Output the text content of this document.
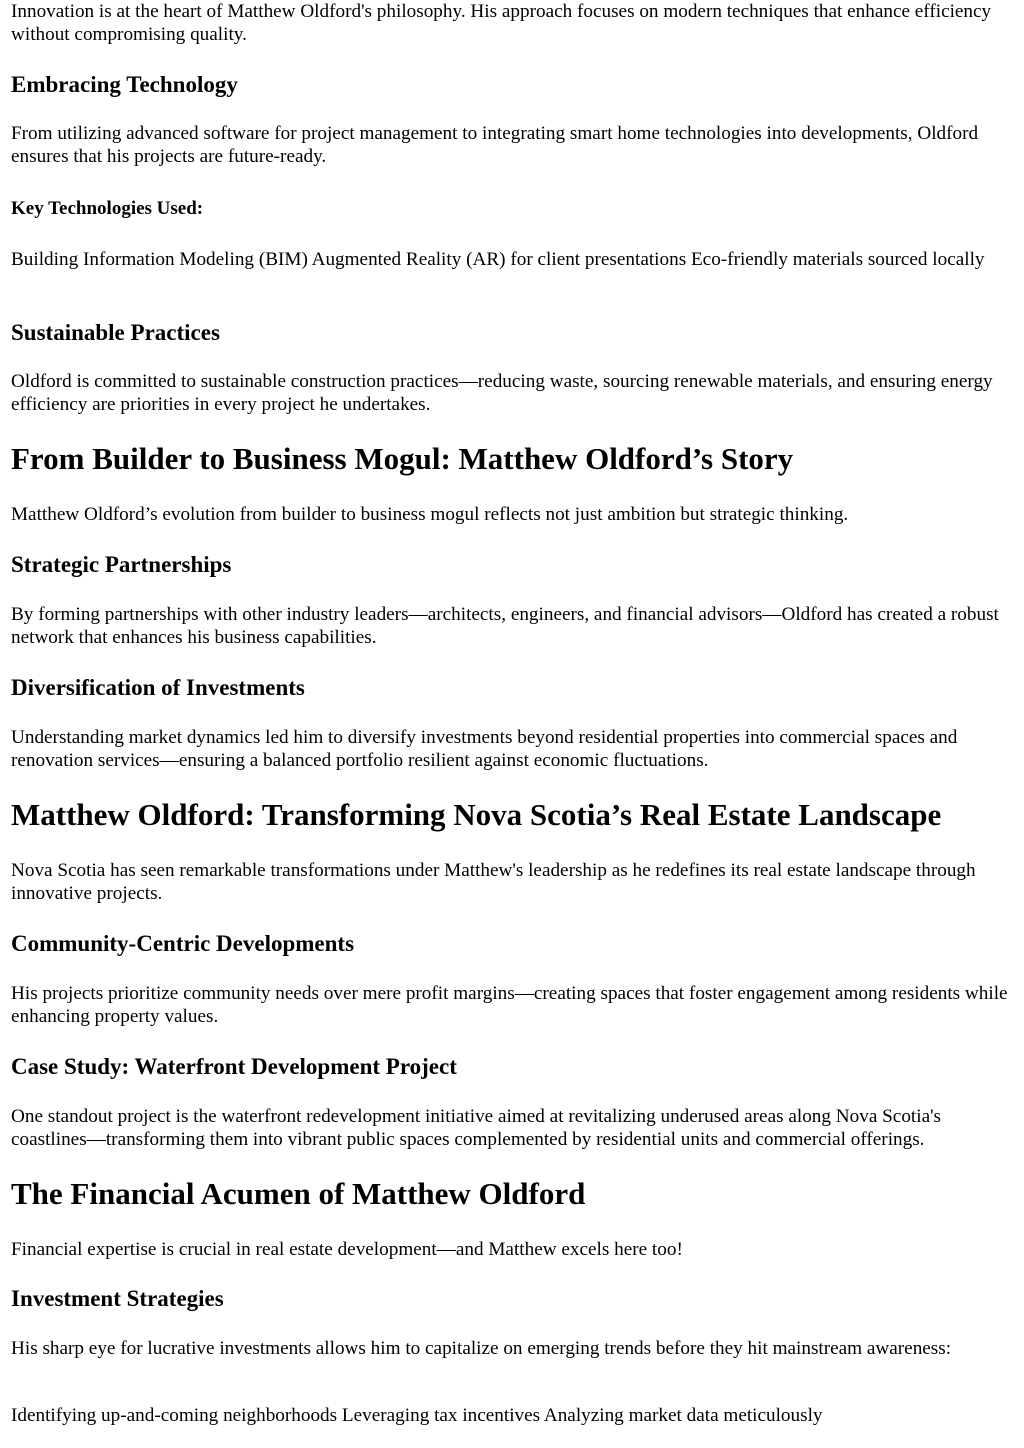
Innovation is at the heart of Matthew Oldford's philosophy. His approach focuses on modern techniques that enhance efficiency without compromising quality.

Embracing Technology

From utilizing advanced software for project management to integrating smart home technologies into developments, Oldford ensures that his projects are future-ready.

Key Technologies Used:

Building Information Modeling (BIM) Augmented Reality (AR) for client presentations Eco-friendly materials sourced locally

Sustainable Practices

Oldford is committed to sustainable construction practices—reducing waste, sourcing renewable materials, and ensuring energy efficiency are priorities in every project he undertakes.

From Builder to Business Mogul: Matthew Oldford’s Story

Matthew Oldford’s evolution from builder to business mogul reflects not just ambition but strategic thinking.

Strategic Partnerships

By forming partnerships with other industry leaders—architects, engineers, and financial advisors—Oldford has created a robust network that enhances his business capabilities.

Diversification of Investments

Understanding market dynamics led him to diversify investments beyond residential properties into commercial spaces and renovation services—ensuring a balanced portfolio resilient against economic fluctuations.

Matthew Oldford: Transforming Nova Scotia’s Real Estate Landscape

Nova Scotia has seen remarkable transformations under Matthew's leadership as he redefines its real estate landscape through innovative projects.

Community-Centric Developments

His projects prioritize community needs over mere profit margins—creating spaces that foster engagement among residents while enhancing property values.

Case Study: Waterfront Development Project

One standout project is the waterfront redevelopment initiative aimed at revitalizing underused areas along Nova Scotia's coastlines—transforming them into vibrant public spaces complemented by residential units and commercial offerings.

The Financial Acumen of Matthew Oldford

Financial expertise is crucial in real estate development—and Matthew excels here too!

Investment Strategies

His sharp eye for lucrative investments allows him to capitalize on emerging trends before they hit mainstream awareness:

Identifying up-and-coming neighborhoods Leveraging tax incentives Analyzing market data meticulously
